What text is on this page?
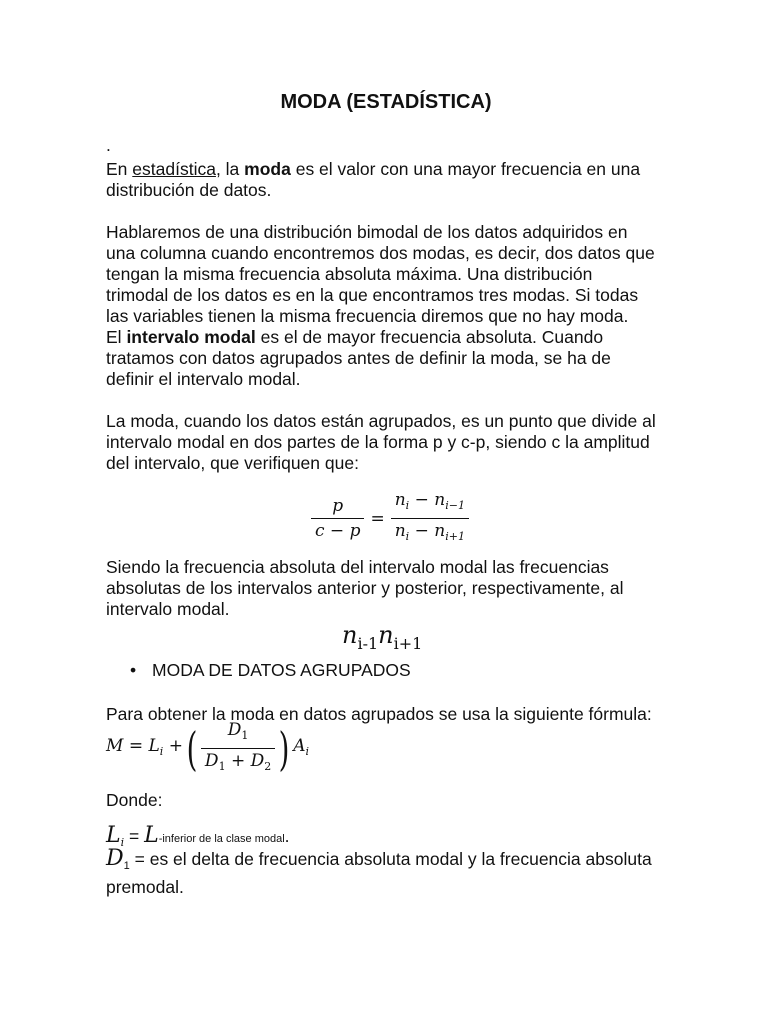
MODA (ESTADÍSTICA)
.
En estadística, la moda es el valor con una mayor frecuencia en una
distribución de datos.
Hablaremos de una distribución bimodal de los datos adquiridos en
una columna cuando encontremos dos modas, es decir, dos datos que
tengan la misma frecuencia absoluta máxima. Una distribución
trimodal de los datos es en la que encontramos tres modas. Si todas
las variables tienen la misma frecuencia diremos que no hay moda.
El intervalo modal es el de mayor frecuencia absoluta. Cuando
tratamos con datos agrupados antes de definir la moda, se ha de
definir el intervalo modal.
La moda, cuando los datos están agrupados, es un punto que divide al
intervalo modal en dos partes de la forma p y c-p, siendo c la amplitud
del intervalo, que verifiquen que:
$\frac{p}{c - p} = \frac{n_i - n_{i-1}}{n_i - n_{i+1}}$
Siendo la frecuencia absoluta del intervalo modal las frecuencias
absolutas de los intervalos anterior y posterior, respectivamente, al
intervalo modal.
$n_{i-1}n_{i+1}$
• MODA DE DATOS AGRUPADOS
Para obtener la moda en datos agrupados se usa la siguiente fórmula:
$M = L_i$ +( $\frac{D_1}{D_1 + D_2}$ ) $A_i$
Donde:
$L_i$ = L-inferior de la clase modal.
$D_1$ = es el delta de frecuencia absoluta modal y la frecuencia absoluta
premodal.
